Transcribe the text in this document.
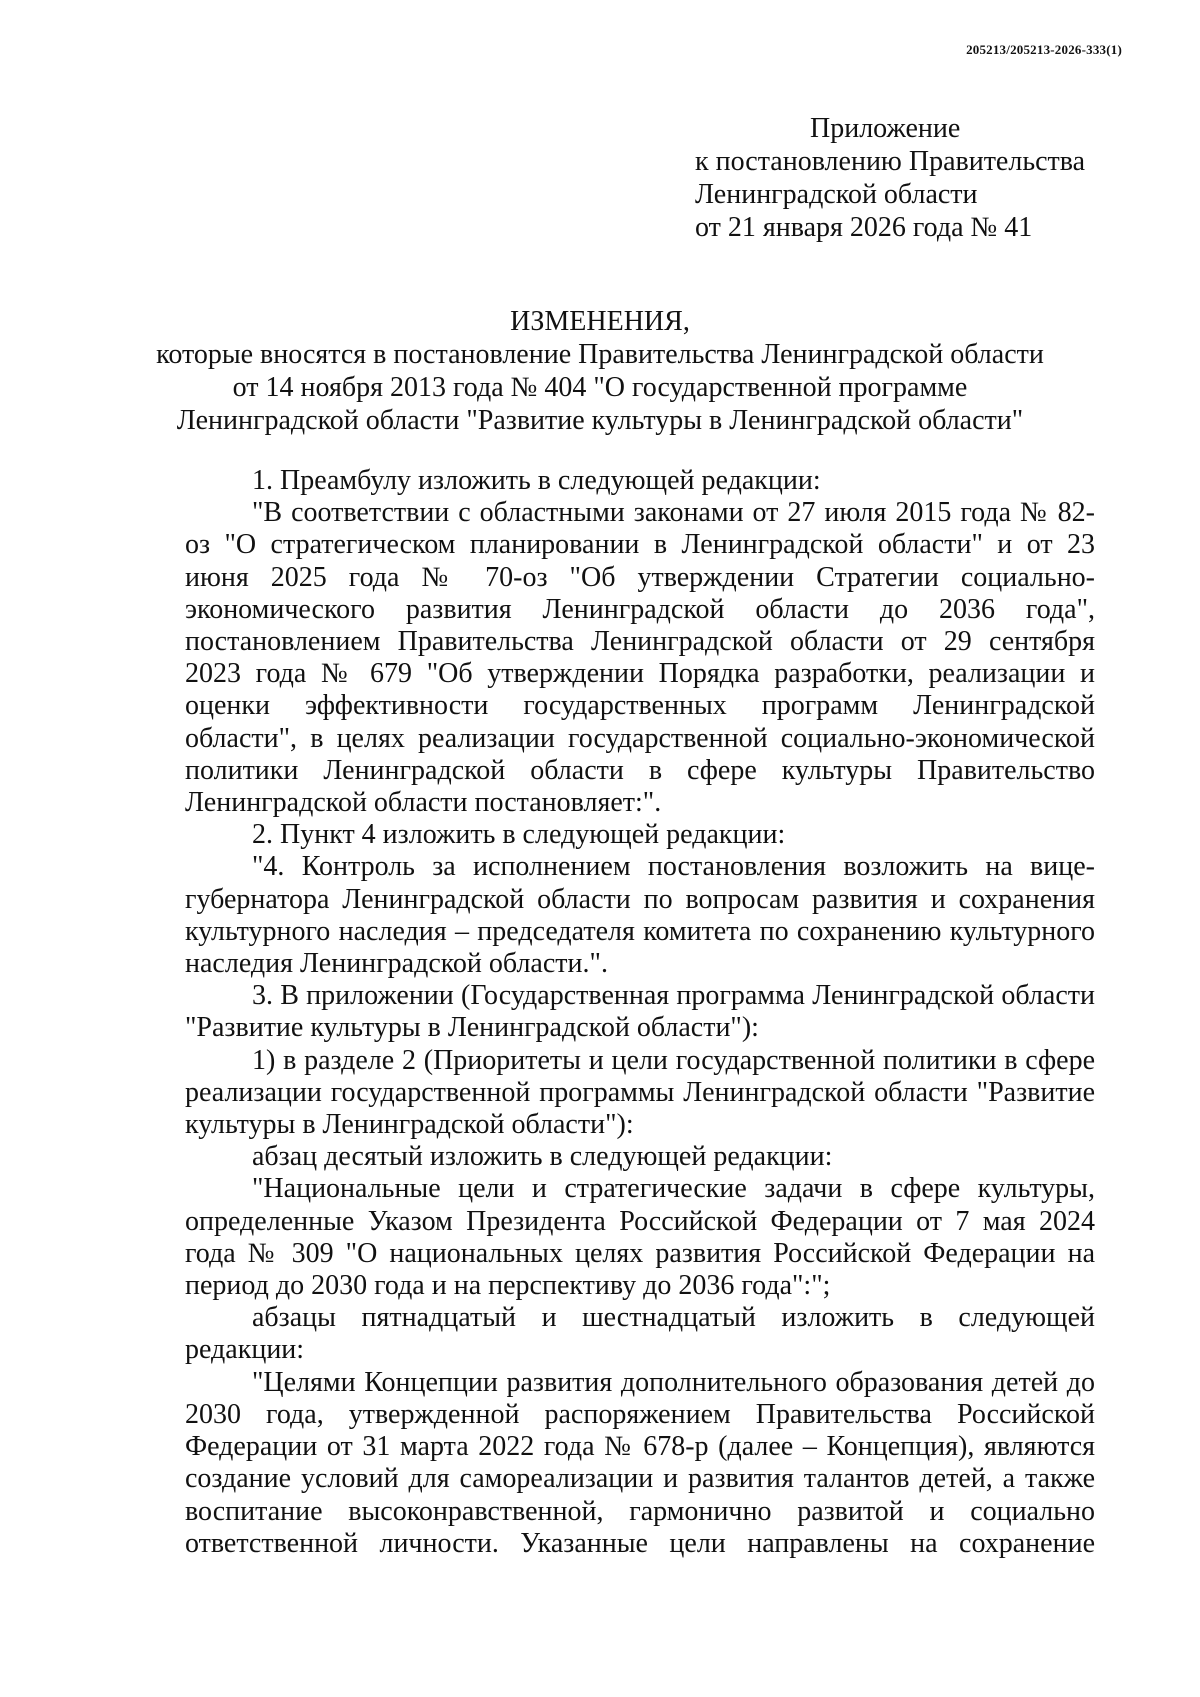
205213/205213-2026-333(1)
Приложение
к постановлению Правительства
Ленинградской области
от 21 января 2026 года № 41
ИЗМЕНЕНИЯ,
которые вносятся в постановление Правительства Ленинградской области
от 14 ноября 2013 года № 404 "О государственной программе
Ленинградской области "Развитие культуры в Ленинградской области"

1. Преамбулу изложить в следующей редакции:

"В соответствии с областными законами от 27 июля 2015 года № 82-оз "О стратегическом планировании в Ленинградской области" и от 23 июня 2025 года № 70-оз "Об утверждении Стратегии социально-экономического развития Ленинградской области до 2036 года", постановлением Правительства Ленинградской области от 29 сентября 2023 года № 679 "Об утверждении Порядка разработки, реализации и оценки эффективности государственных программ Ленинградской области", в целях реализации государственной социально-экономической политики Ленинградской области в сфере культуры Правительство Ленинградской области постановляет:".

2. Пункт 4 изложить в следующей редакции:

"4. Контроль за исполнением постановления возложить на вице-губернатора Ленинградской области по вопросам развития и сохранения культурного наследия – председателя комитета по сохранению культурного наследия Ленинградской области.".

3. В приложении (Государственная программа Ленинградской области "Развитие культуры в Ленинградской области"):

1) в разделе 2 (Приоритеты и цели государственной политики в сфере реализации государственной программы Ленинградской области "Развитие культуры в Ленинградской области"):

абзац десятый изложить в следующей редакции:

"Национальные цели и стратегические задачи в сфере культуры, определенные Указом Президента Российской Федерации от 7 мая 2024 года № 309 "О национальных целях развития Российской Федерации на период до 2030 года и на перспективу до 2036 года":";

абзацы пятнадцатый и шестнадцатый изложить в следующей редакции:

"Целями Концепции развития дополнительного образования детей до 2030 года, утвержденной распоряжением Правительства Российской Федерации от 31 марта 2022 года № 678-р (далее – Концепция), являются создание условий для самореализации и развития талантов детей, а также воспитание высоконравственной, гармонично развитой и социально ответственной личности. Указанные цели направлены на сохранение
